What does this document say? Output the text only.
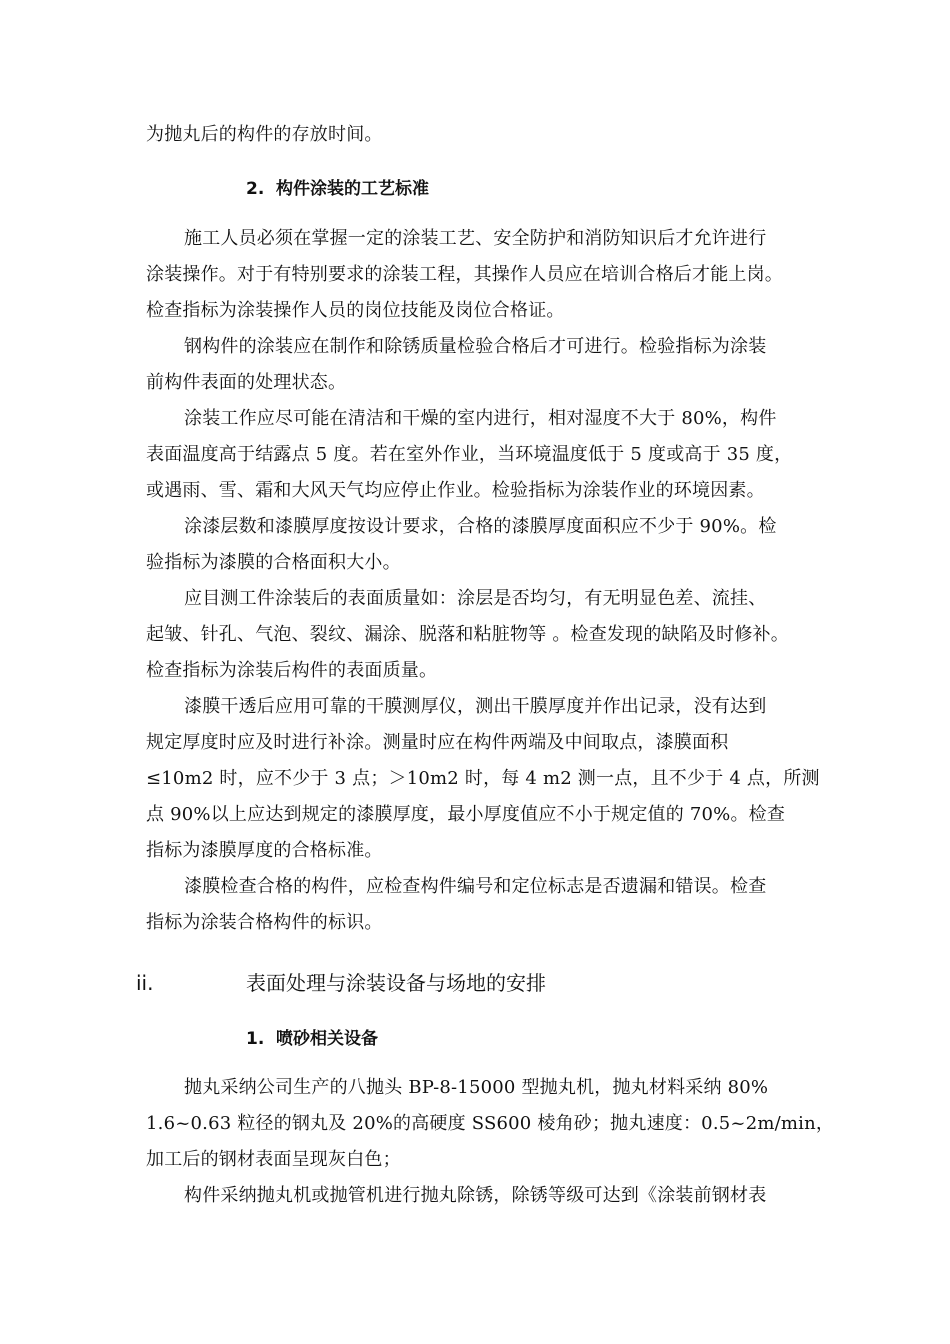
为抛丸后的构件的存放时间。
2. 构件涂装的工艺标准
施工人员必须在掌握一定的涂装工艺、安全防护和消防知识后才允许进行
涂装操作。对于有特别要求的涂装工程，其操作人员应在培训合格后才能上岗。
检查指标为涂装操作人员的岗位技能及岗位合格证。
钢构件的涂装应在制作和除锈质量检验合格后才可进行。检验指标为涂装
前构件表面的处理状态。
涂装工作应尽可能在清洁和干燥的室内进行，相对湿度不大于 80%，构件
表面温度高于结露点 5 度。若在室外作业，当环境温度低于 5 度或高于 35 度，
或遇雨、雪、霜和大风天气均应停止作业。检验指标为涂装作业的环境因素。
涂漆层数和漆膜厚度按设计要求，合格的漆膜厚度面积应不少于 90%。检
验指标为漆膜的合格面积大小。
应目测工件涂装后的表面质量如：涂层是否均匀，有无明显色差、流挂、
起皱、针孔、气泡、裂纹、漏涂、脱落和粘脏物等 。检查发现的缺陷及时修补。
检查指标为涂装后构件的表面质量。
漆膜干透后应用可靠的干膜测厚仪，测出干膜厚度并作出记录，没有达到
规定厚度时应及时进行补涂。测量时应在构件两端及中间取点，漆膜面积
≤10m2 时，应不少于 3 点；＞10m2 时，每 4 m2 测一点，且不少于 4 点，所测
点 90%以上应达到规定的漆膜厚度，最小厚度值应不小于规定值的 70%。检查
指标为漆膜厚度的合格标准。
漆膜检查合格的构件，应检查构件编号和定位标志是否遗漏和错误。检查
指标为涂装合格构件的标识。
ii.	表面处理与涂装设备与场地的安排
1. 喷砂相关设备
抛丸采纳公司生产的八抛头 BP-8-15000 型抛丸机，抛丸材料采纳 80%
1.6~0.63 粒径的钢丸及 20%的高硬度 SS600 棱角砂；抛丸速度：0.5~2m/min，
加工后的钢材表面呈现灰白色；
构件采纳抛丸机或抛管机进行抛丸除锈，除锈等级可达到《涂装前钢材表
